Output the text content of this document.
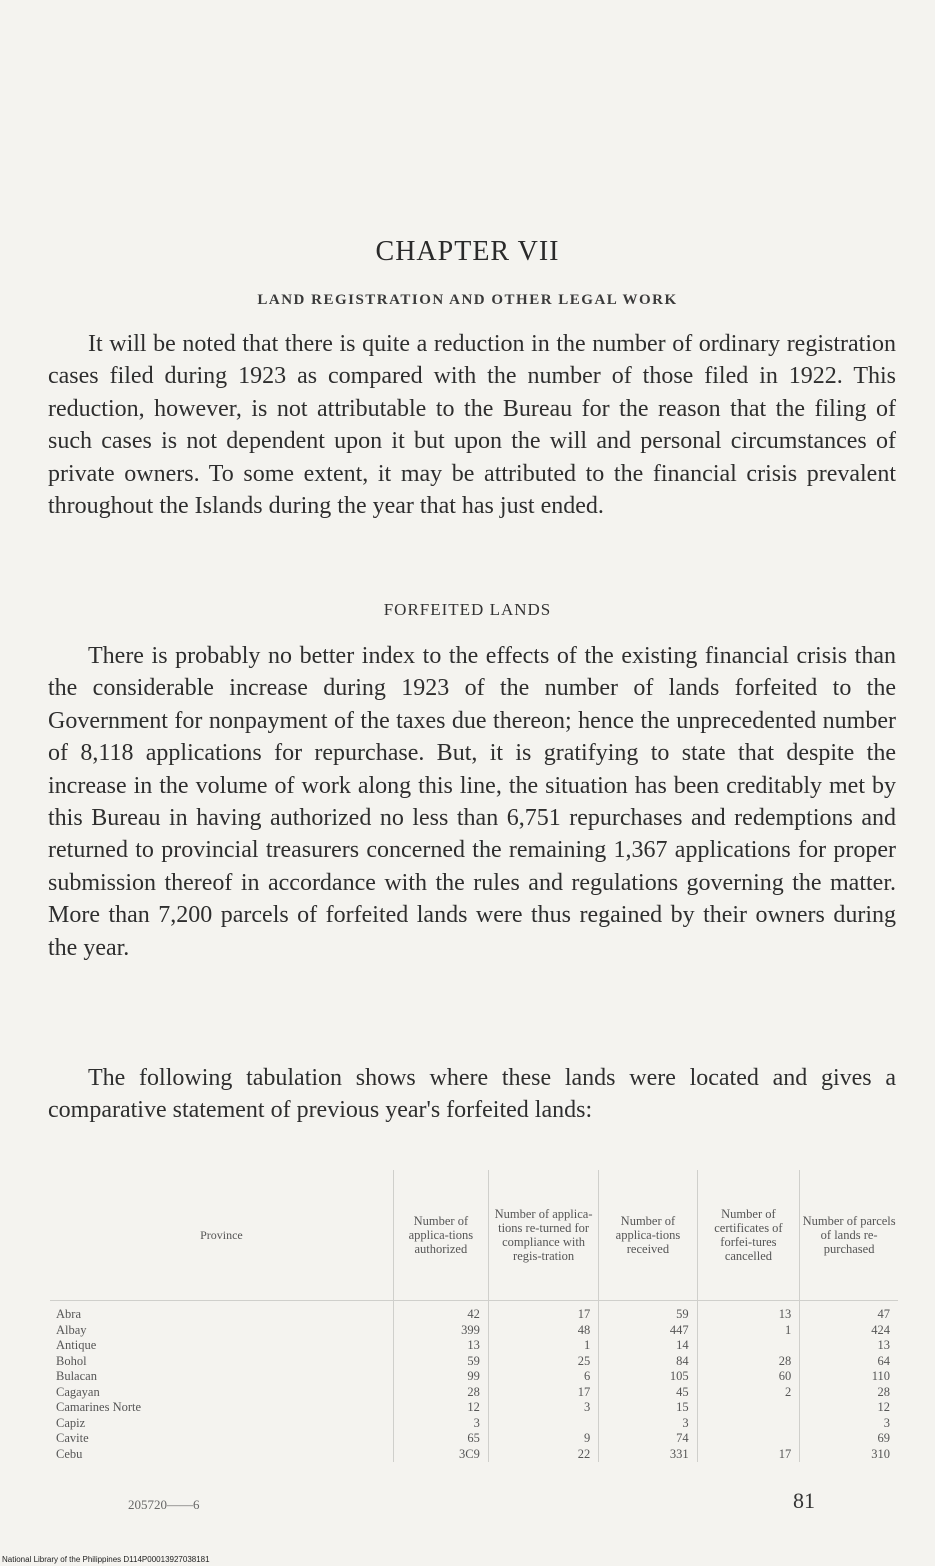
CHAPTER VII
LAND REGISTRATION AND OTHER LEGAL WORK
It will be noted that there is quite a reduction in the number of ordinary registration cases filed during 1923 as compared with the number of those filed in 1922. This reduction, however, is not attributable to the Bureau for the reason that the filing of such cases is not dependent upon it but upon the will and personal circumstances of private owners. To some extent, it may be attributed to the financial crisis prevalent throughout the Islands during the year that has just ended.
FORFEITED LANDS
There is probably no better index to the effects of the existing financial crisis than the considerable increase during 1923 of the number of lands forfeited to the Government for nonpayment of the taxes due thereon; hence the unprecedented number of 8,118 applications for repurchase. But, it is gratifying to state that despite the increase in the volume of work along this line, the situation has been creditably met by this Bureau in having authorized no less than 6,751 repurchases and redemptions and returned to provincial treasurers concerned the remaining 1,367 applications for proper submission thereof in accordance with the rules and regulations governing the matter. More than 7,200 parcels of forfeited lands were thus regained by their owners during the year.
The following tabulation shows where these lands were located and gives a comparative statement of previous year's forfeited lands:
Province	Number of applica-tions authorized	Number of applica-tions re-turned for compliance with regis-tration	Number of applica-tions received	Number of certificates of forfei-tures cancelled	Number of parcels of lands re-purchased
Abra	42	17	59	13	47
Albay	399	48	447	1	424
Antique	13	1	14		13
Bohol	59	25	84	28	64
Bulacan	99	6	105	60	110
Cagayan	28	17	45	2	28
Camarines Norte	12	3	15		12
Capiz	3		3		3
Cavite	65	9	74		69
Cebu	3C9	22	331	17	310
205720——6	81
National Library of the Philippines D114P00013927038181
